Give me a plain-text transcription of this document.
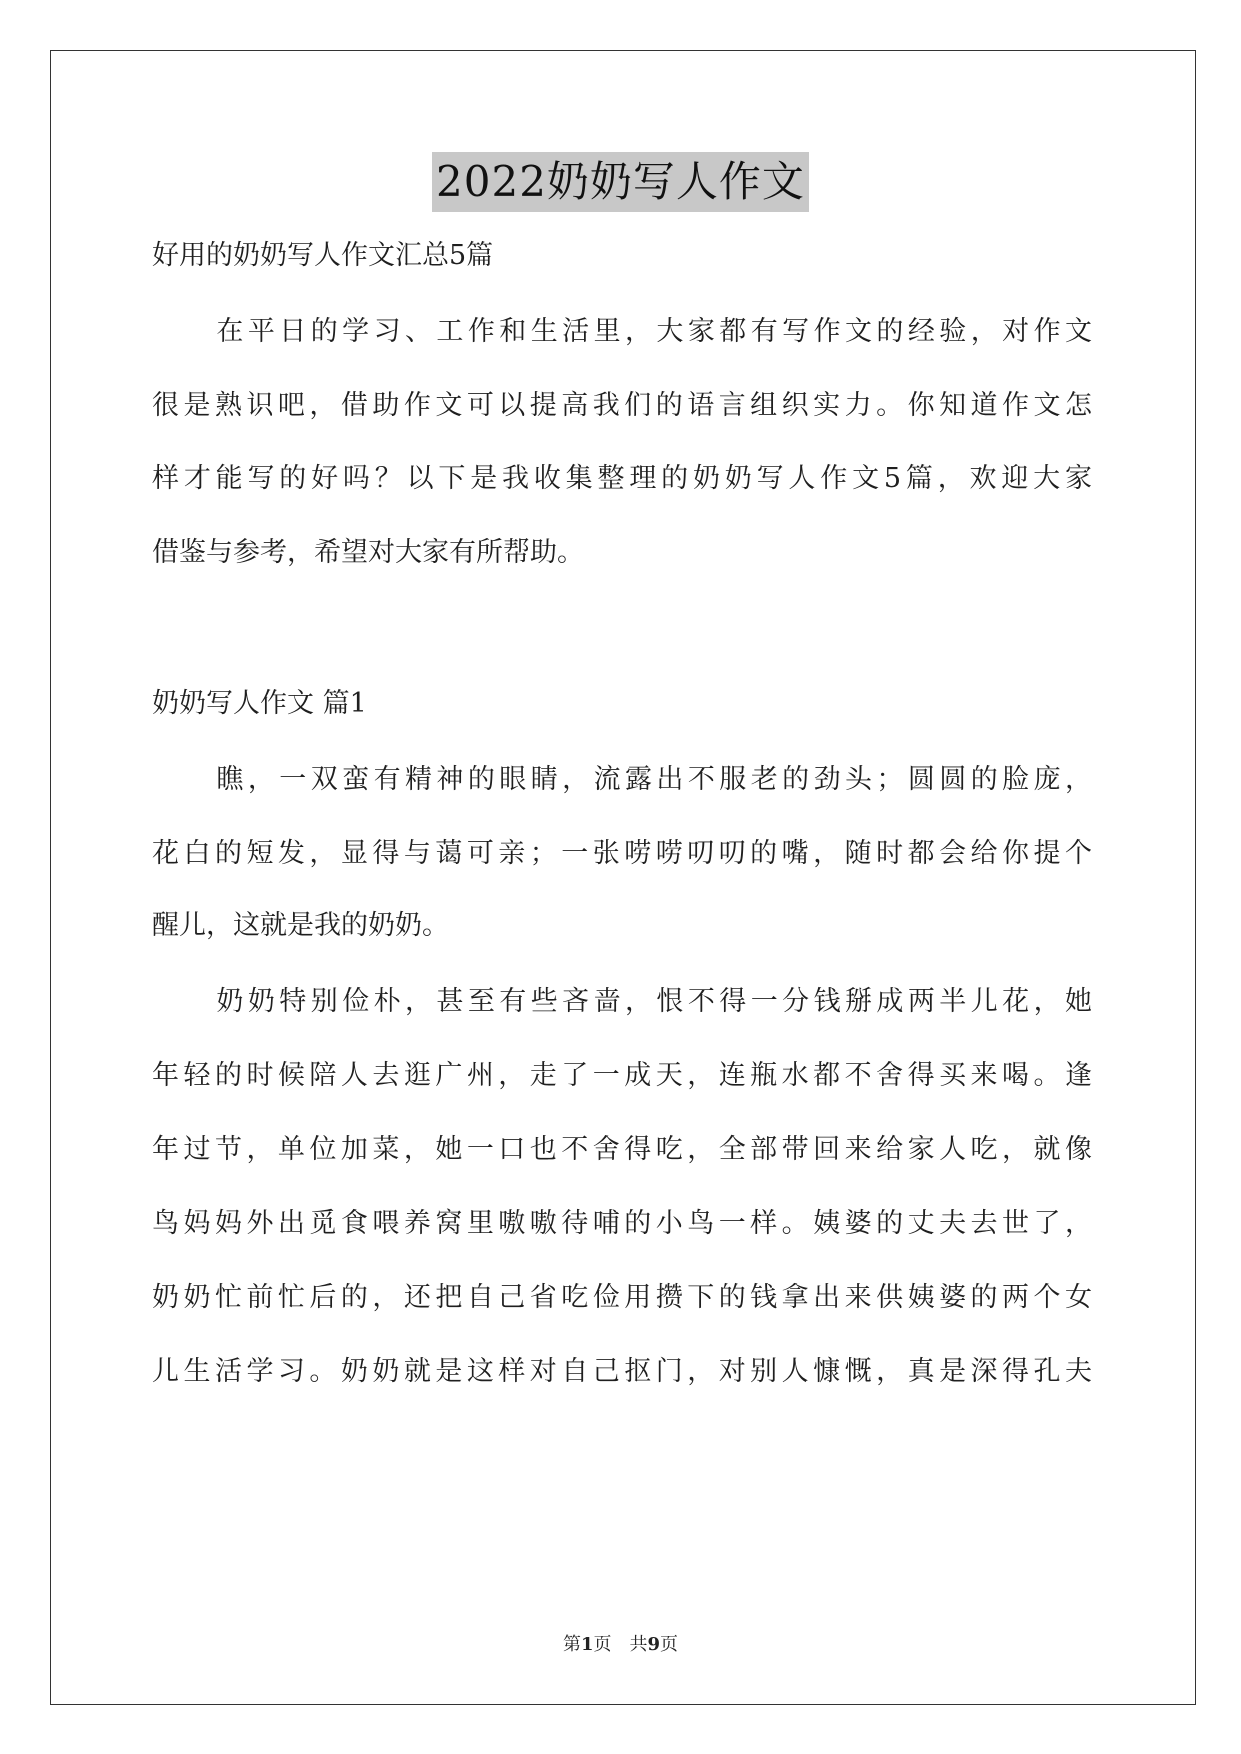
2022奶奶写人作文
好用的奶奶写人作文汇总5篇
在平日的学习、工作和生活里，大家都有写作文的经验，对作文
很是熟识吧，借助作文可以提高我们的语言组织实力。你知道作文怎
样才能写的好吗？以下是我收集整理的奶奶写人作文5篇，欢迎大家
借鉴与参考，希望对大家有所帮助。
奶奶写人作文 篇1
瞧，一双蛮有精神的眼睛，流露出不服老的劲头；圆圆的脸庞，
花白的短发，显得与蔼可亲；一张唠唠叨叨的嘴，随时都会给你提个
醒儿，这就是我的奶奶。
奶奶特别俭朴，甚至有些吝啬，恨不得一分钱掰成两半儿花，她
年轻的时候陪人去逛广州，走了一成天，连瓶水都不舍得买来喝。逢
年过节，单位加菜，她一口也不舍得吃，全部带回来给家人吃，就像
鸟妈妈外出觅食喂养窝里嗷嗷待哺的小鸟一样。姨婆的丈夫去世了，
奶奶忙前忙后的，还把自己省吃俭用攒下的钱拿出来供姨婆的两个女
儿生活学习。奶奶就是这样对自己抠门，对别人慷慨，真是深得孔夫
第1页 共9页
